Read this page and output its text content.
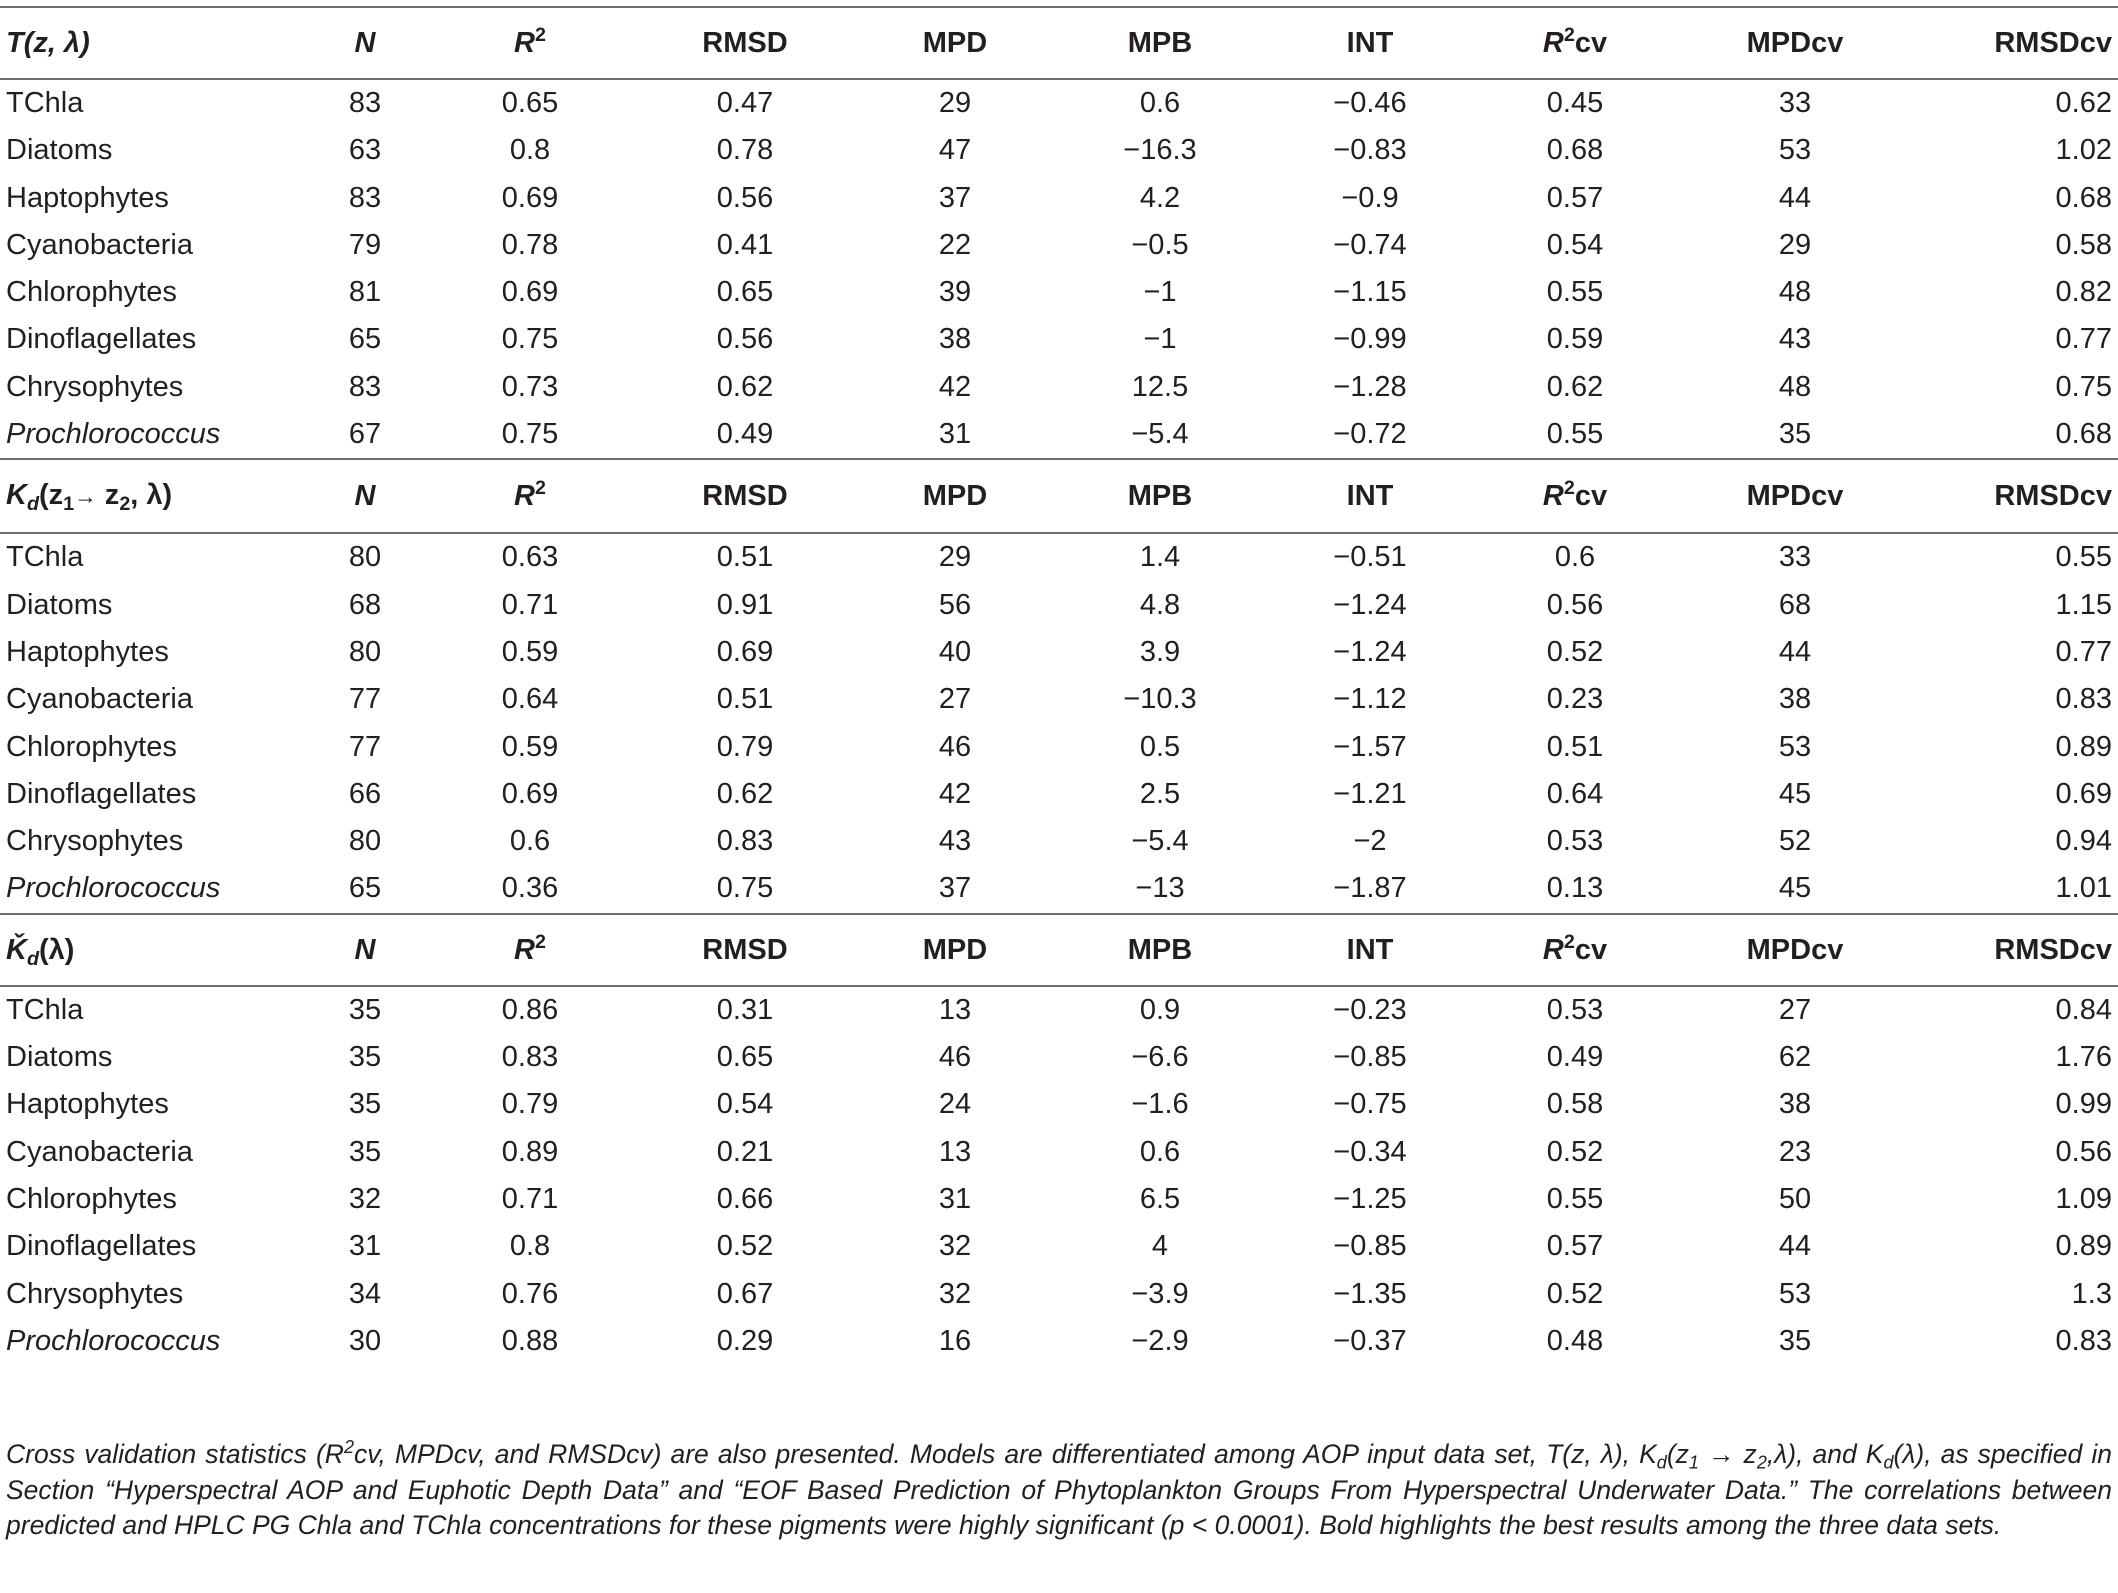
T(z, λ)	N	$R^2$	RMSD	MPD	MPB	INT	$R^2cv$	MPDcv	RMSDcv
TChla	83	0.65	0.47	29	0.6	−0.46	0.45	33	0.62
Diatoms	63	0.8	0.78	47	−16.3	−0.83	0.68	53	1.02
Haptophytes	83	0.69	0.56	37	4.2	−0.9	0.57	44	0.68
Cyanobacteria	79	0.78	0.41	22	−0.5	−0.74	0.54	29	0.58
Chlorophytes	81	0.69	0.65	39	−1	−1.15	0.55	48	0.82
Dinoflagellates	65	0.75	0.56	38	−1	−0.99	0.59	43	0.77
Chrysophytes	83	0.73	0.62	42	12.5	−1.28	0.62	48	0.75
Prochlorococcus	67	0.75	0.49	31	−5.4	−0.72	0.55	35	0.68
$K_d(z_1\to z_2$, λ)	N	$R^2$	RMSD	MPD	MPB	INT	$R^2cv$	MPDcv	RMSDcv
TChla	80	0.63	0.51	29	1.4	−0.51	0.6	33	0.55
Diatoms	68	0.71	0.91	56	4.8	−1.24	0.56	68	1.15
Haptophytes	80	0.59	0.69	40	3.9	−1.24	0.52	44	0.77
Cyanobacteria	77	0.64	0.51	27	−10.3	−1.12	0.23	38	0.83
Chlorophytes	77	0.59	0.79	46	0.5	−1.57	0.51	53	0.89
Dinoflagellates	66	0.69	0.62	42	2.5	−1.21	0.64	45	0.69
Chrysophytes	80	0.6	0.83	43	−5.4	−2	0.53	52	0.94
Prochlorococcus	65	0.36	0.75	37	−13	−1.87	0.13	45	1.01
$Ǩ_d(\lambda)$	N	$R^2$	RMSD	MPD	MPB	INT	$R^2cv$	MPDcv	RMSDcv
TChla	35	0.86	0.31	13	0.9	−0.23	0.53	27	0.84
Diatoms	35	0.83	0.65	46	−6.6	−0.85	0.49	62	1.76
Haptophytes	35	0.79	0.54	24	−1.6	−0.75	0.58	38	0.99
Cyanobacteria	35	0.89	0.21	13	0.6	−0.34	0.52	23	0.56
Chlorophytes	32	0.71	0.66	31	6.5	−1.25	0.55	50	1.09
Dinoflagellates	31	0.8	0.52	32	4	−0.85	0.57	44	0.89
Chrysophytes	34	0.76	0.67	32	−3.9	−1.35	0.52	53	1.3
Prochlorococcus	30	0.88	0.29	16	−2.9	−0.37	0.48	35	0.83
Cross validation statistics ($R^2cv$, MPDcv, and RMSDcv) are also presented. Models are differentiated among AOP input data set, T(z, λ), $K_d(z_1 \to z_2,\lambda)$, and $K_d(\lambda)$, as specified in Section “Hyperspectral AOP and Euphotic Depth Data” and “EOF Based Prediction of Phytoplankton Groups From Hyperspectral Underwater Data.” The correlations between predicted and HPLC PG Chla and TChla concentrations for these pigments were highly significant (p < 0.0001). Bold highlights the best results among the three data sets.
